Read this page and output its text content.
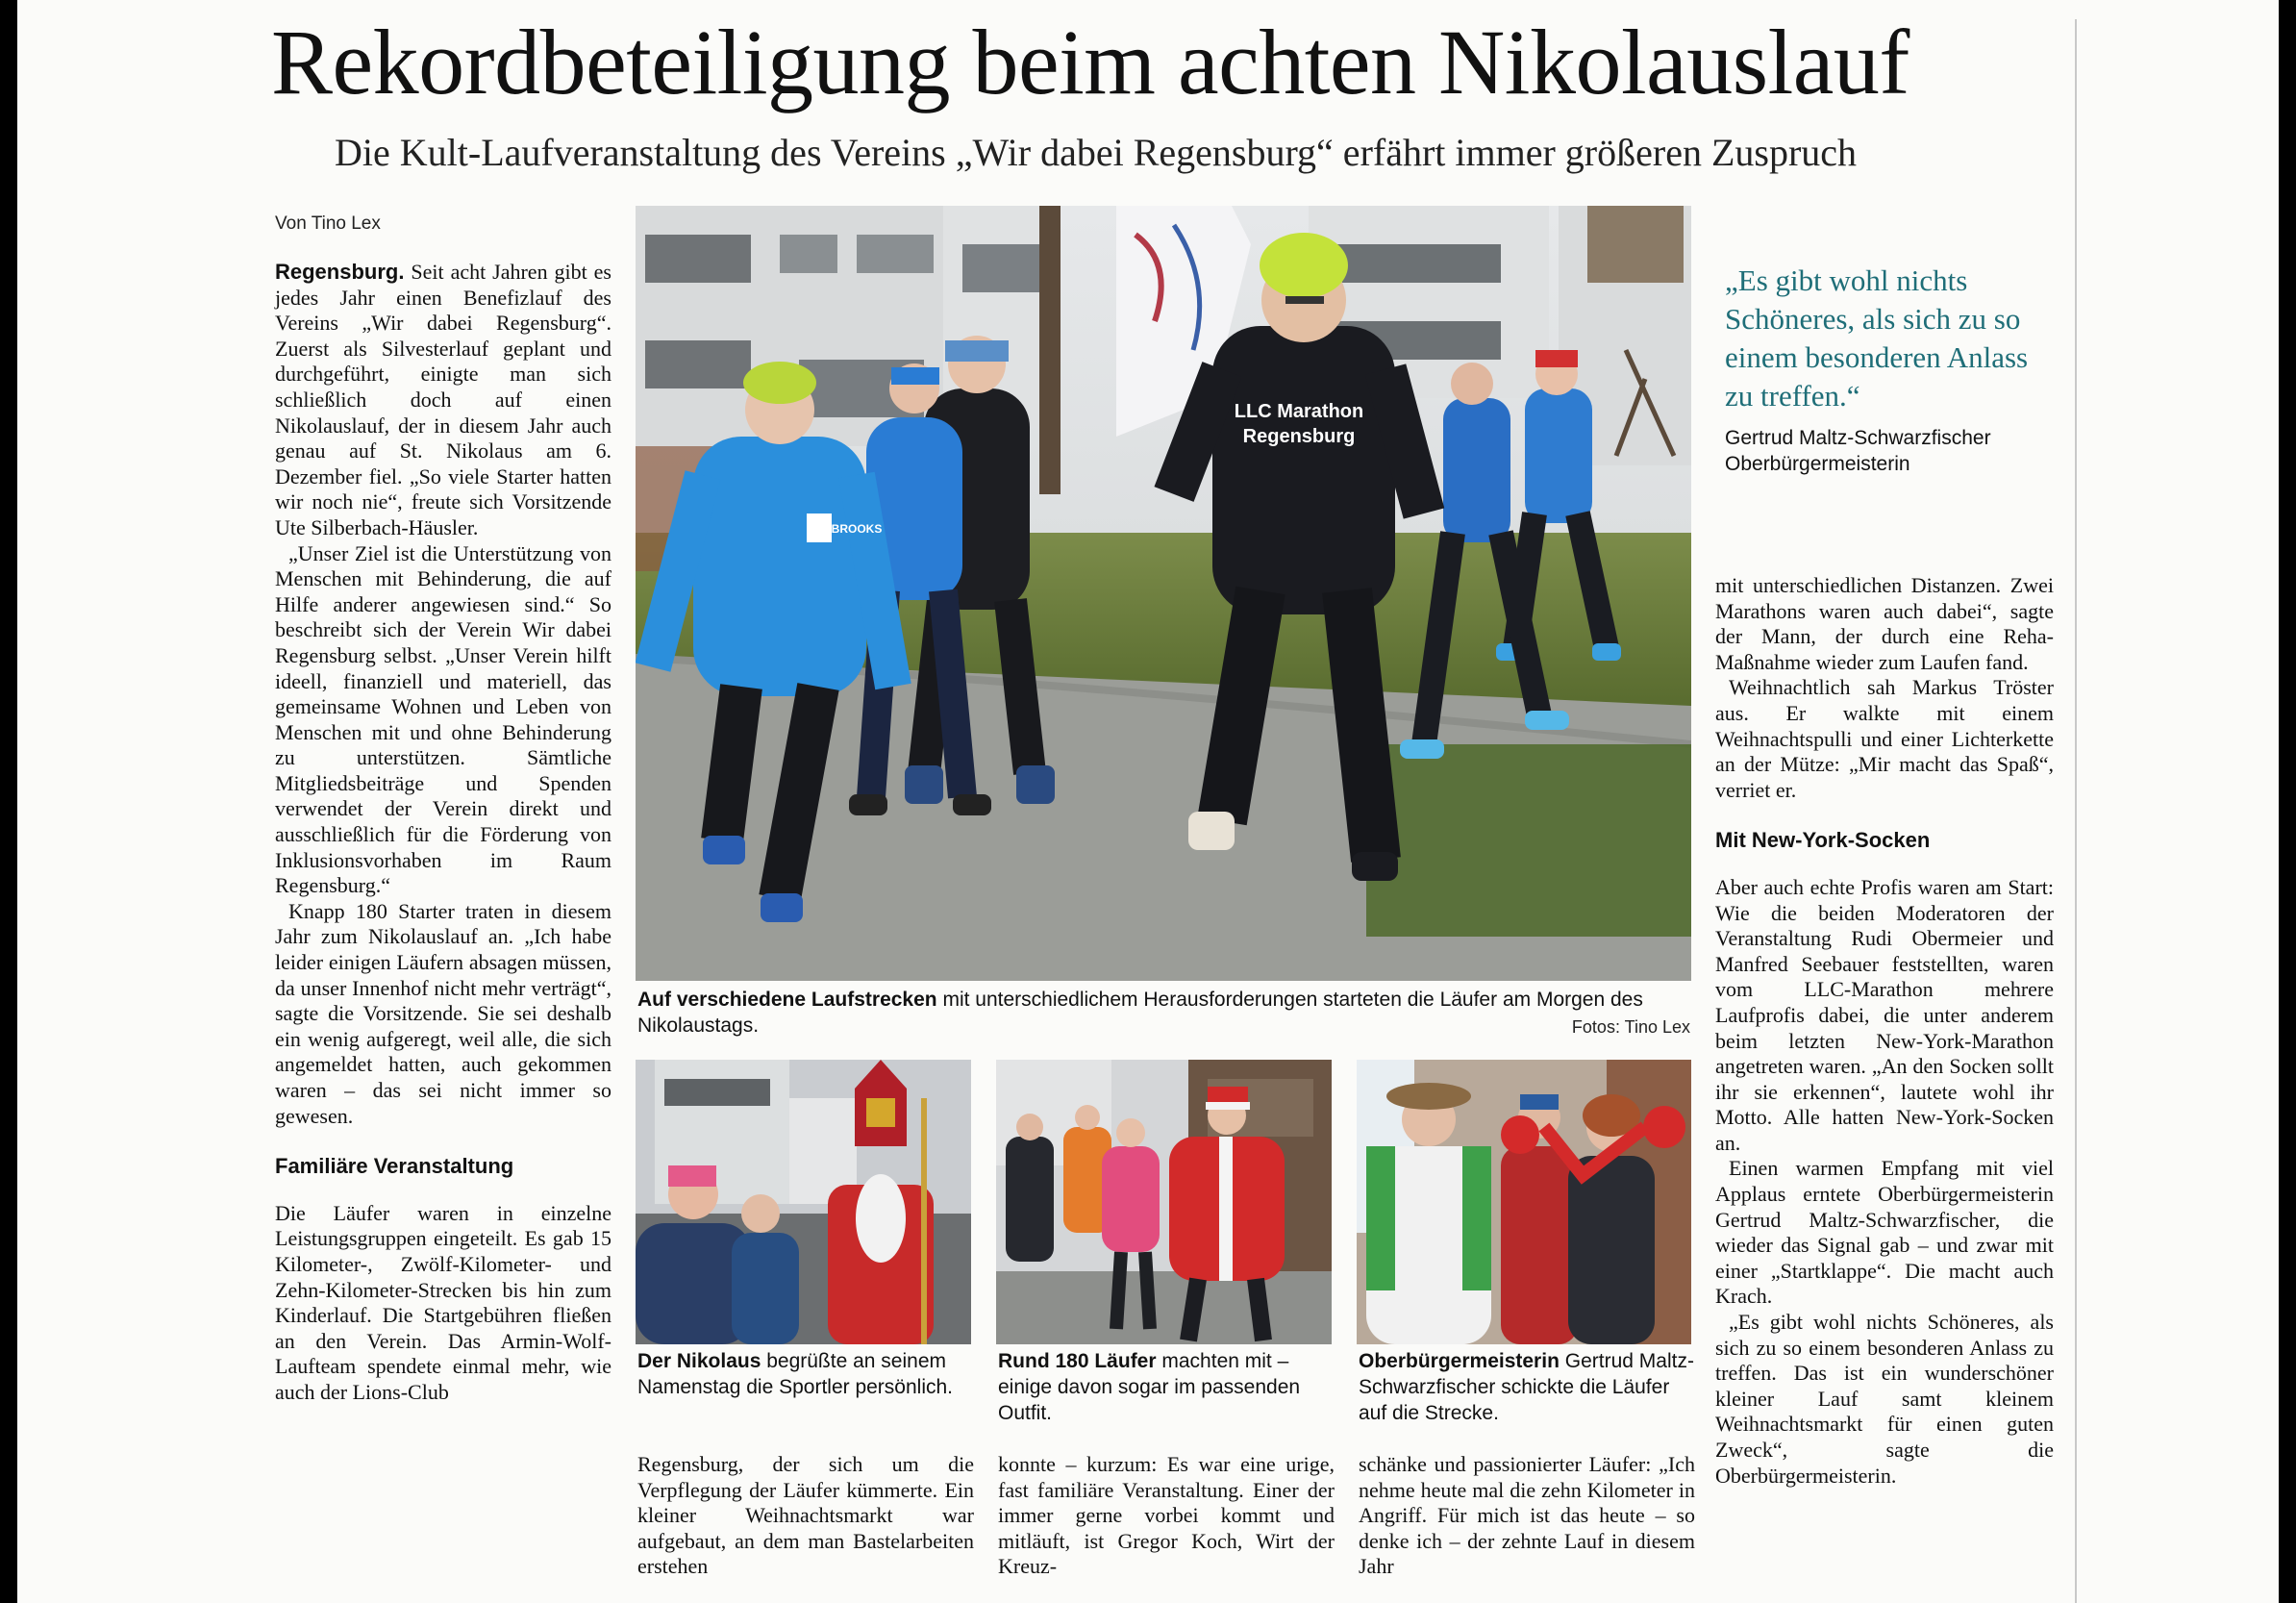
Rekordbeteiligung beim achten Nikolauslauf
Die Kult-Laufveranstaltung des Vereins „Wir dabei Regensburg“ erfährt immer größeren Zuspruch
Von Tino Lex

Regensburg. Seit acht Jahren gibt es jedes Jahr einen Benefizlauf des Vereins „Wir dabei Regensburg“. Zuerst als Silvesterlauf geplant und durchgeführt, einigte man sich schließlich doch auf einen Nikolauslauf, der in diesem Jahr auch genau auf St. Nikolaus am 6. Dezember fiel. „So viele Starter hatten wir noch nie“, freute sich Vorsitzende Ute Silberbach-Häusler.

„Unser Ziel ist die Unterstützung von Menschen mit Behinderung, die auf Hilfe anderer angewiesen sind.“ So beschreibt sich der Verein Wir dabei Regensburg selbst. „Unser Verein hilft ideell, finanziell und materiell, das gemeinsame Wohnen und Leben von Menschen mit und ohne Behinderung zu unterstützen. Sämtliche Mitgliedsbeiträge und Spenden verwendet der Verein direkt und ausschließlich für die Förderung von Inklusionsvorhaben im Raum Regensburg.“

Knapp 180 Starter traten in diesem Jahr zum Nikolauslauf an. „Ich habe leider einigen Läufern absagen müssen, da unser Innenhof nicht mehr verträgt“, sagte die Vorsitzende. Sie sei deshalb ein wenig aufgeregt, weil alle, die sich angemeldet hatten, auch gekommen waren – das sei nicht immer so gewesen.

Familiäre Veranstaltung

Die Läufer waren in einzelne Leistungsgruppen eingeteilt. Es gab 15 Kilometer-, Zwölf-Kilometer- und Zehn-Kilometer-Strecken bis hin zum Kinderlauf. Die Startgebühren fließen an den Verein. Das Armin-Wolf-Laufteam spendete einmal mehr, wie auch der Lions-Club

LLC Marathon
Regensburg
BROOKS
Auf verschiedene Laufstrecken mit unterschiedlichem Herausforderungen starteten die Läufer am Morgen des Nikolaustags.	Fotos: Tino Lex
„Es gibt wohl nichts Schöneres, als sich zu so einem besonderen Anlass zu treffen.“
Gertrud Maltz-Schwarzfischer Oberbürgermeisterin

mit unterschiedlichen Distanzen. Zwei Marathons waren auch dabei“, sagte der Mann, der durch eine Reha-Maßnahme wieder zum Laufen fand.

Weihnachtlich sah Markus Tröster aus. Er walkte mit einem Weihnachtspulli und einer Lichterkette an der Mütze: „Mir macht das Spaß“, verriet er.

Mit New-York-Socken

Aber auch echte Profis waren am Start: Wie die beiden Moderatoren der Veranstaltung Rudi Obermeier und Manfred Seebauer feststellten, waren vom LLC-Marathon mehrere Laufprofis dabei, die unter anderem beim letzten New-York-Marathon angetreten waren. „An den Socken sollt ihr sie erkennen“, lautete wohl ihr Motto. Alle hatten New-York-Socken an.

Einen warmen Empfang mit viel Applaus erntete Oberbürgermeisterin Gertrud Maltz-Schwarzfischer, die wieder das Signal gab – und zwar mit einer „Startklappe“. Die macht auch Krach.

„Es gibt wohl nichts Schöneres, als sich zu so einem besonderen Anlass zu treffen. Das ist ein wunderschöner kleiner Lauf samt kleinem Weihnachtsmarkt für einen guten Zweck“, sagte die Oberbürgermeisterin.

Der Nikolaus begrüßte an seinem Namenstag die Sportler persönlich.
Rund 180 Läufer machten mit – einige davon sogar im passenden Outfit.
Oberbürgermeisterin Gertrud Maltz-Schwarzfischer schickte die Läufer auf die Strecke.

Regensburg, der sich um die Verpflegung der Läufer kümmerte. Ein kleiner Weihnachtsmarkt war aufgebaut, an dem man Bastelarbeiten erstehen

konnte – kurzum: Es war eine urige, fast familiäre Veranstaltung. Einer der immer gerne vorbei kommt und mitläuft, ist Gregor Koch, Wirt der Kreuz-

schänke und passionierter Läufer: „Ich nehme heute mal die zehn Kilometer in Angriff. Für mich ist das heute – so denke ich – der zehnte Lauf in diesem Jahr
